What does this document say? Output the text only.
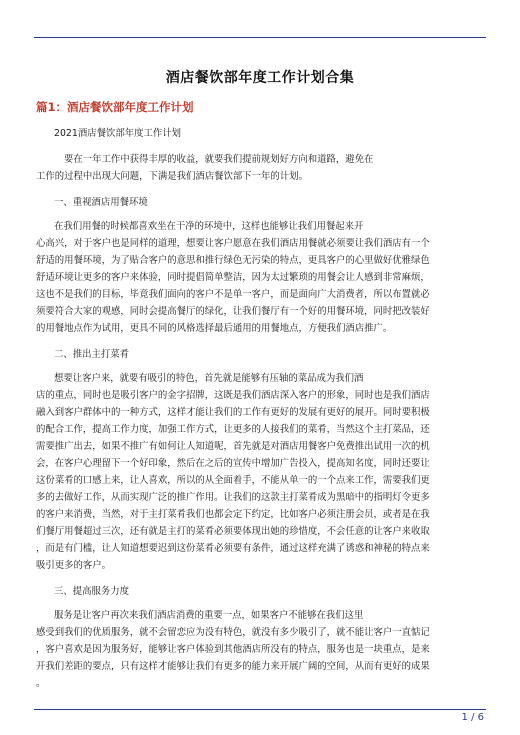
酒店餐饮部年度工作计划合集
篇1：酒店餐饮部年度工作计划
2021酒店餐饮部年度工作计划
要在一年工作中获得丰厚的收益，就要我们提前规划好方向和道路，避免在
工作的过程中出现大问题，下满是我们酒店餐饮部下一年的计划。
一、重视酒店用餐环境
在我们用餐的时候都喜欢坐在干净的环境中，这样也能够让我们用餐起来开
心高兴，对于客户也是同样的道理，想要让客户愿意在我们酒店用餐就必须要让我们酒店有一个
舒适的用餐环境，为了贴合客户的意思和推行绿色无污染的特点，更具客户的心里做好优雅绿色
舒适环境让更多的客户来体验，同时提倡简单整洁，因为太过繁琐的用餐会让人感到非常麻烦，
这也不是我们的目标，毕竟我们面向的客户不是单一客户，而是面向广大消费者，所以布置就必
须要符合大家的观感，同时会提高餐厅的绿化，让我们餐厅有一个好的用餐环境，同时把改装好
的用餐地点作为试用，更具不同的风格选择最后通用的用餐地点，方便我们酒店推广。
二、推出主打菜肴
想要让客户来，就要有吸引的特色，首先就是能够有压轴的菜品成为我们酒
店的重点，同时也是吸引客户的金字招牌，这既是我们酒店深入客户的形象，同时也是我们酒店
融入到客户群体中的一种方式，这样才能让我们的工作有更好的发展有更好的展开。同时要积极
的配合工作，提高工作力度，加强工作方式，让更多的人接我们的菜肴，当然这个主打菜品，还
需要推广出去，如果不推广有如何让人知道呢，首先就是对酒店用餐客户免费推出试用一次的机
会，在客户心理留下一个好印象，然后在之后的宣传中增加广告投入，提高知名度，同时还要让
这份菜肴的口感上来，让人喜欢，所以的从全面着手，不能从单一的一个点来工作，需要我们更
多的去做好工作，从而实现广泛的推广作用。让我们的这款主打菜肴成为黑暗中的指明灯令更多
的客户来消费，当然，对于主打菜肴我们也都会定下约定，比如客户必须注册会员，或者是在我
们餐厅用餐超过三次，还有就是主打的菜肴必须要体现出她的珍惜度，不会任意的让客户来收取
，而是有门槛，让人知道想要迟到这份菜肴必须要有条件，通过这样充满了诱惑和神秘的特点来
吸引更多的客户。
三、提高服务力度
服务是让客户再次来我们酒店消费的重要一点，如果客户不能够在我们这里
感受到我们的优质服务，就不会留恋应为没有特色，就没有多少吸引了，就不能让客户一直惦记
，客户喜欢是因为服务好，能够让客户体验到其他酒店所没有的特点，服务也是一块重点，是来
开我们差距的要点，只有这样才能够让我们有更多的能力来开展广阔的空间，从而有更好的成果
。
1 / 6
